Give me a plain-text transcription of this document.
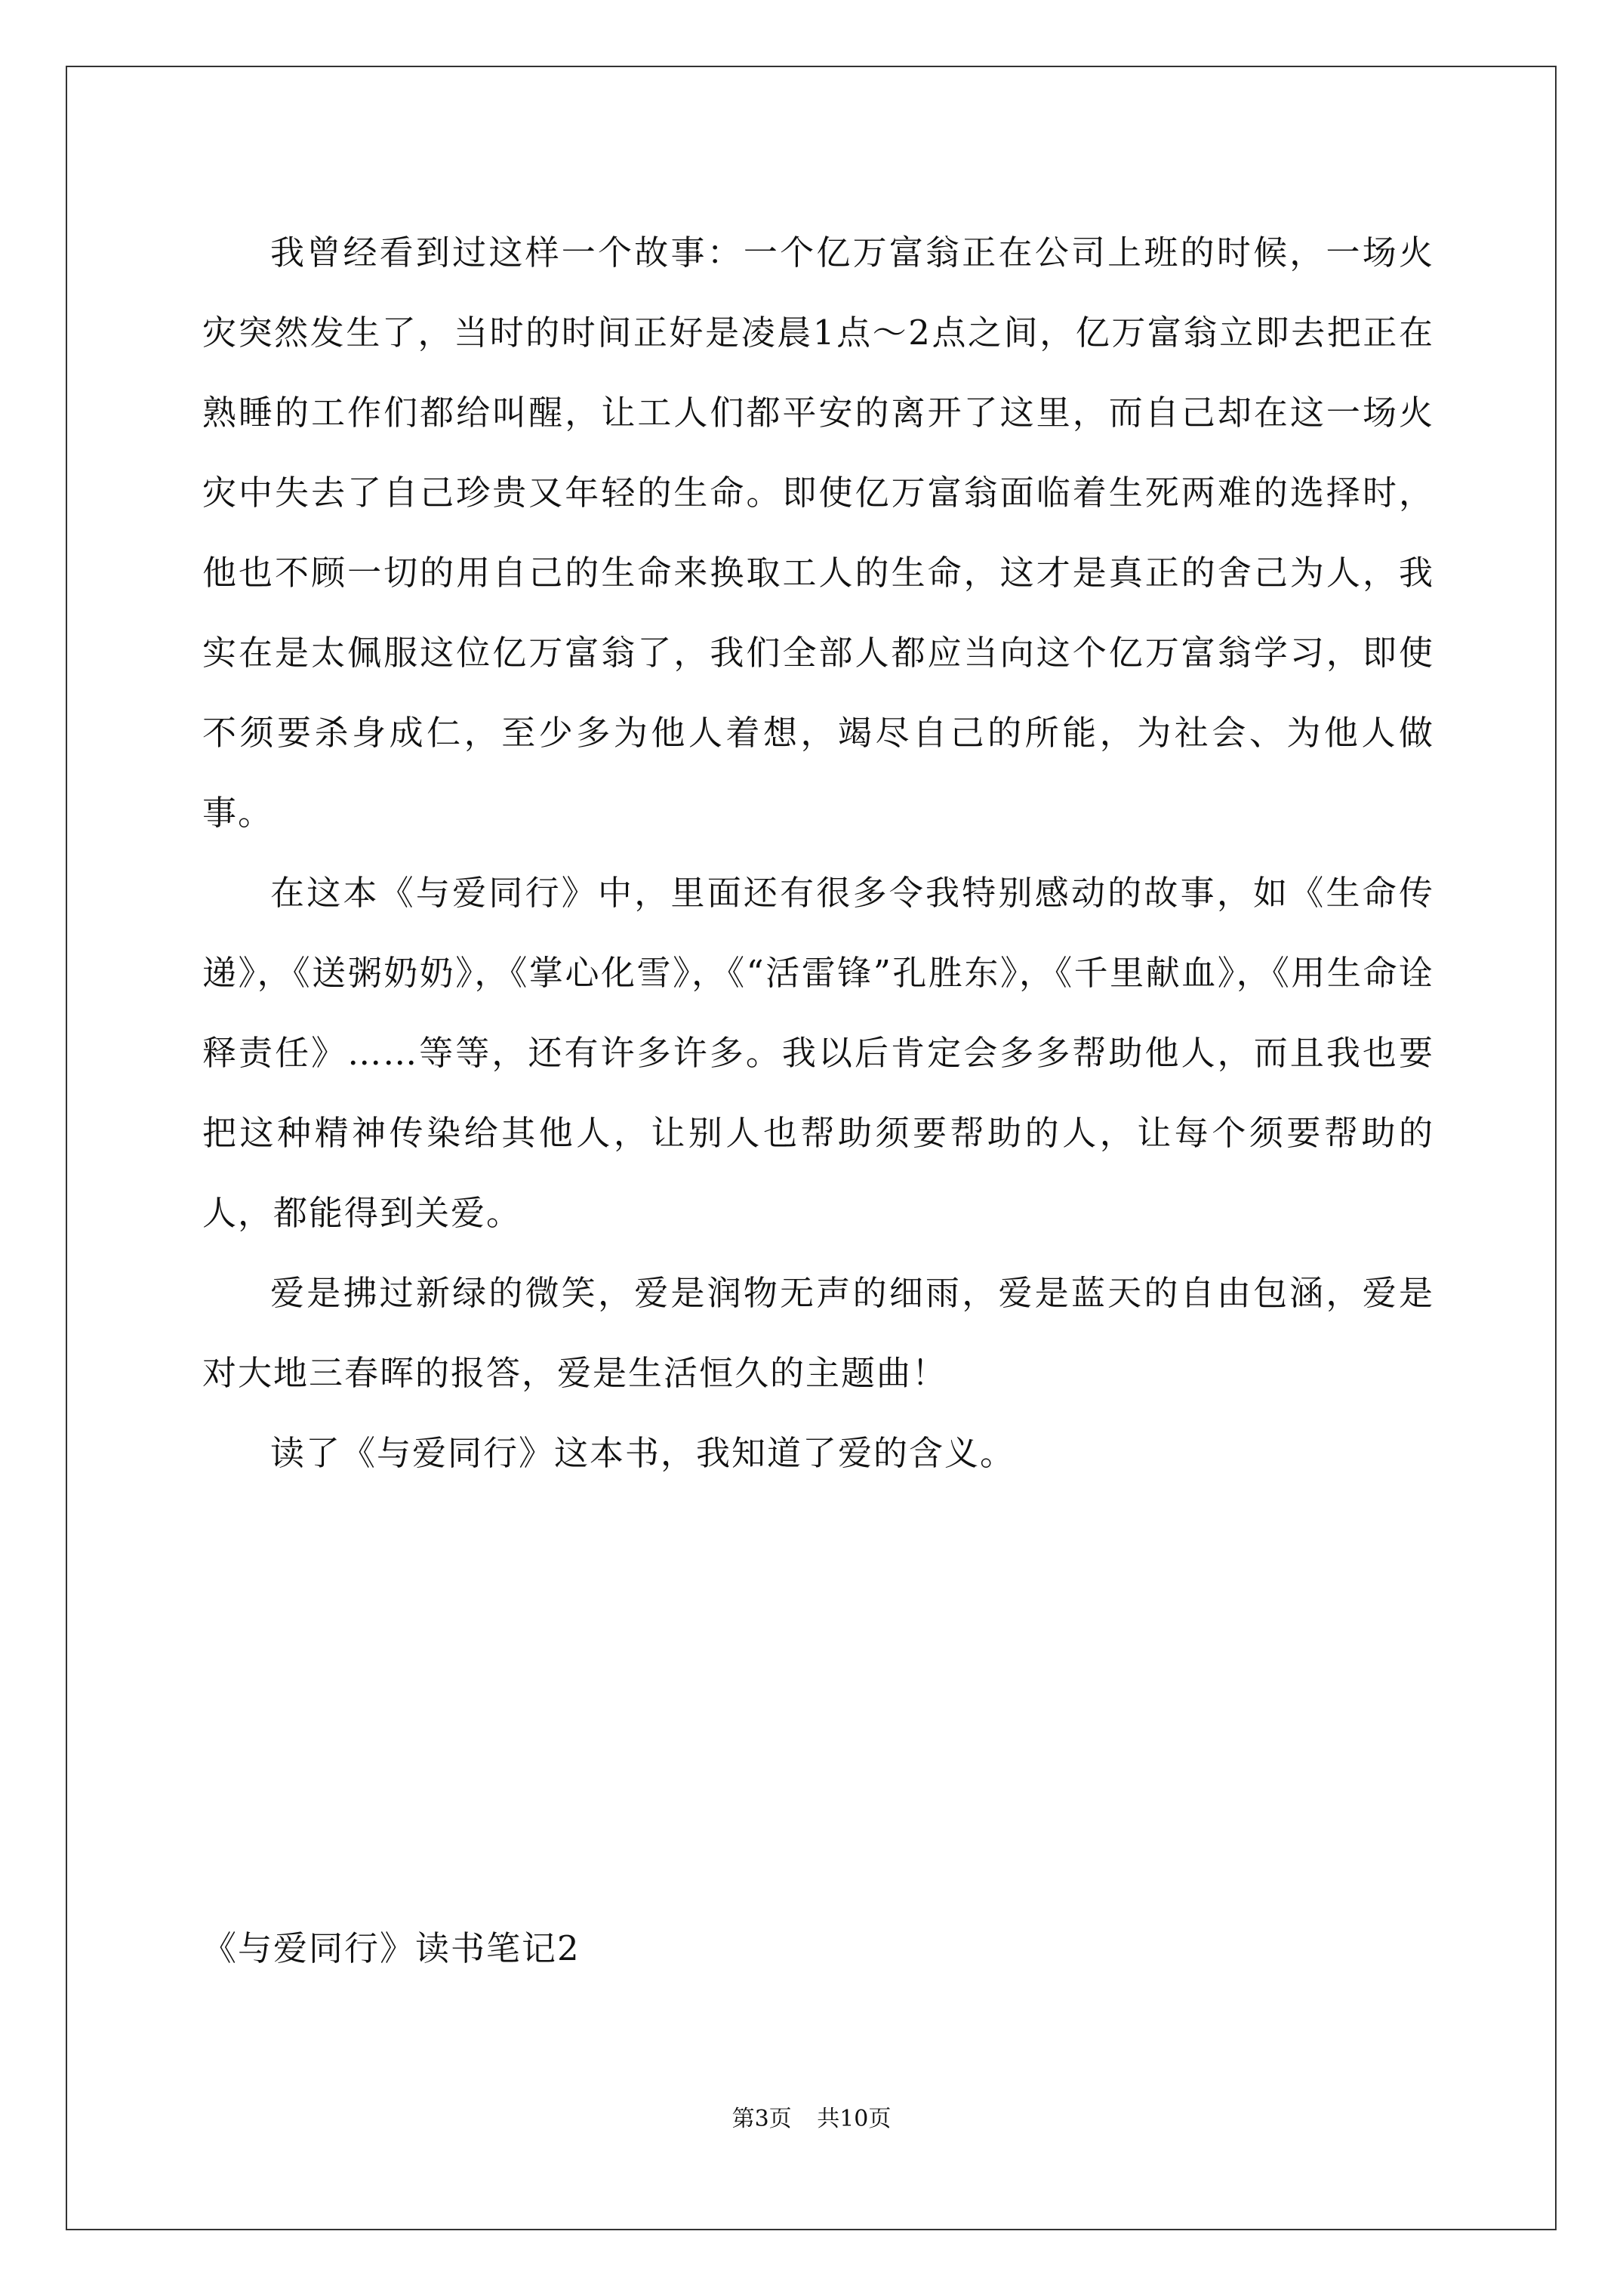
我曾经看到过这样一个故事：一个亿万富翁正在公司上班的时候，一场火灾突然发生了，当时的时间正好是凌晨1点～2点之间，亿万富翁立即去把正在熟睡的工作们都给叫醒，让工人们都平安的离开了这里，而自己却在这一场火灾中失去了自己珍贵又年轻的生命。即使亿万富翁面临着生死两难的选择时，他也不顾一切的用自己的生命来换取工人的生命，这才是真正的舍己为人，我实在是太佩服这位亿万富翁了，我们全部人都应当向这个亿万富翁学习，即使不须要杀身成仁，至少多为他人着想，竭尽自己的所能，为社会、为他人做事。

在这本《与爱同行》中，里面还有很多令我特别感动的故事，如《生命传递》，《送粥奶奶》，《掌心化雪》，《“活雷锋”孔胜东》，《千里献血》，《用生命诠释责任》……等等，还有许多许多。我以后肯定会多多帮助他人，而且我也要把这种精神传染给其他人，让别人也帮助须要帮助的人，让每个须要帮助的人，都能得到关爱。

爱是拂过新绿的微笑，爱是润物无声的细雨，爱是蓝天的自由包涵，爱是对大地三春晖的报答，爱是生活恒久的主题曲！

读了《与爱同行》这本书，我知道了爱的含义。

《与爱同行》读书笔记2

第3页 共10页
